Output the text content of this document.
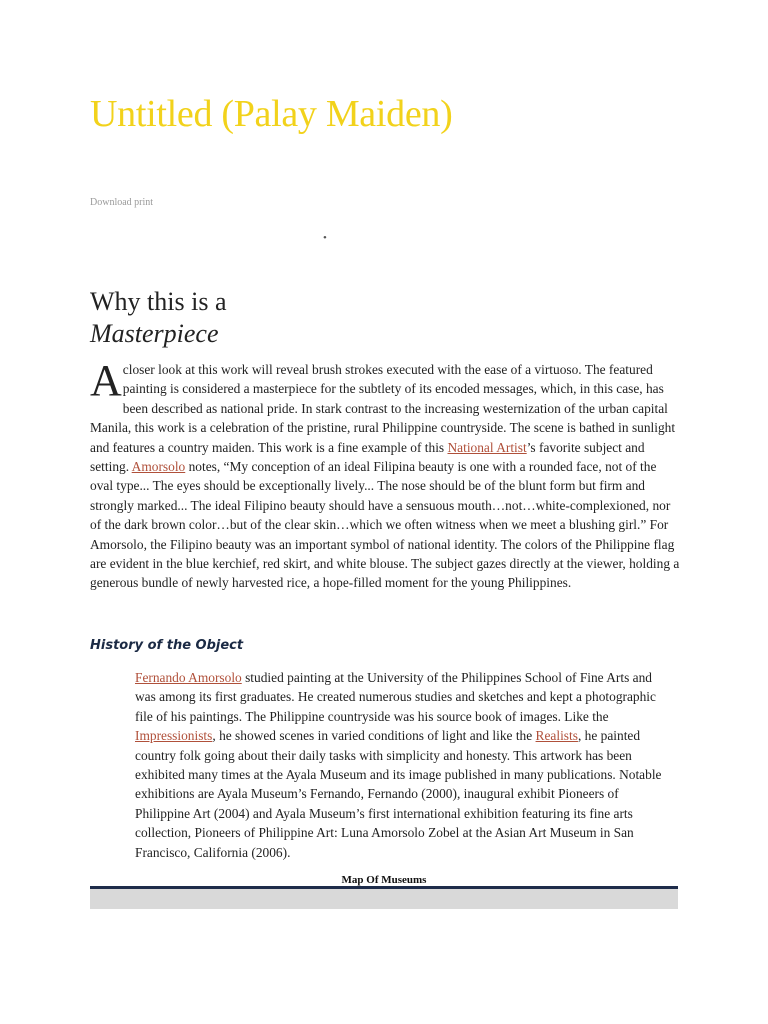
Untitled (Palay Maiden)
Download print
•
Why this is a
Masterpiece
A closer look at this work will reveal brush strokes executed with the ease of a virtuoso. The featured painting is considered a masterpiece for the subtlety of its encoded messages, which, in this case, has been described as national pride. In stark contrast to the increasing westernization of the urban capital Manila, this work is a celebration of the pristine, rural Philippine countryside. The scene is bathed in sunlight and features a country maiden. This work is a fine example of this National Artist’s favorite subject and setting. Amorsolo notes, “My conception of an ideal Filipina beauty is one with a rounded face, not of the oval type... The eyes should be exceptionally lively... The nose should be of the blunt form but firm and strongly marked... The ideal Filipino beauty should have a sensuous mouth…not…white-complexioned, nor of the dark brown color…but of the clear skin…which we often witness when we meet a blushing girl.” For Amorsolo, the Filipino beauty was an important symbol of national identity. The colors of the Philippine flag are evident in the blue kerchief, red skirt, and white blouse. The subject gazes directly at the viewer, holding a generous bundle of newly harvested rice, a hope-filled moment for the young Philippines.
History of the Object
Fernando Amorsolo studied painting at the University of the Philippines School of Fine Arts and was among its first graduates. He created numerous studies and sketches and kept a photographic file of his paintings. The Philippine countryside was his source book of images. Like the Impressionists, he showed scenes in varied conditions of light and like the Realists, he painted country folk going about their daily tasks with simplicity and honesty. This artwork has been exhibited many times at the Ayala Museum and its image published in many publications. Notable exhibitions are Ayala Museum’s Fernando, Fernando (2000), inaugural exhibit Pioneers of Philippine Art (2004) and Ayala Museum’s first international exhibition featuring its fine arts collection, Pioneers of Philippine Art: Luna Amorsolo Zobel at the Asian Art Museum in San Francisco, California (2006).
Map Of Museums
